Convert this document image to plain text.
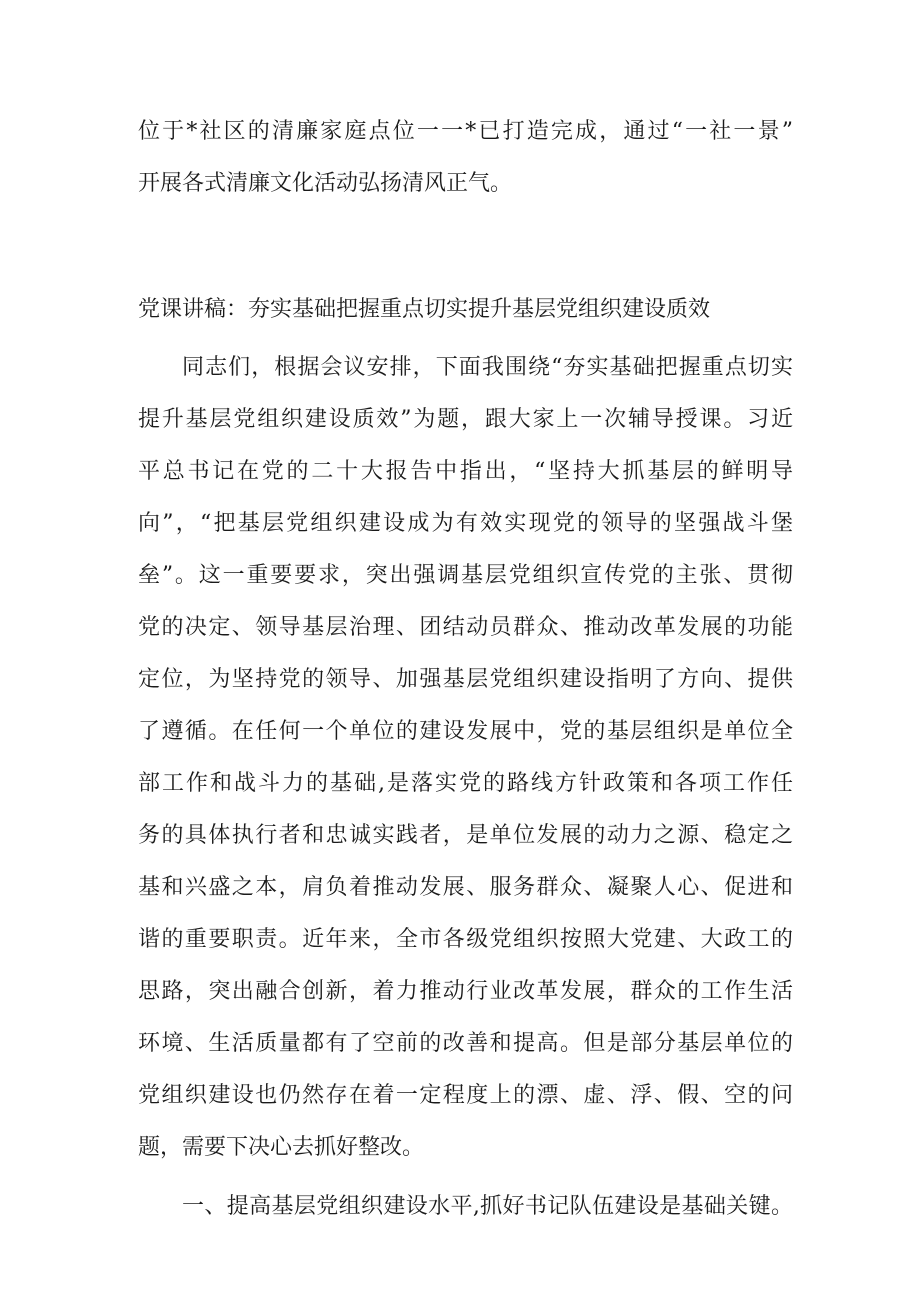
位于*社区的清廉家庭点位一一*已打造完成，通过“一社一景”
开展各式清廉文化活动弘扬清风正气。
党课讲稿：夯实基础把握重点切实提升基层党组织建设质效
同志们，根据会议安排，下面我围绕“夯实基础把握重点切实
提升基层党组织建设质效”为题，跟大家上一次辅导授课。习近
平总书记在党的二十大报告中指出，“坚持大抓基层的鲜明导
向”，“把基层党组织建设成为有效实现党的领导的坚强战斗堡
垒”。这一重要要求，突出强调基层党组织宣传党的主张、贯彻
党的决定、领导基层治理、团结动员群众、推动改革发展的功能
定位，为坚持党的领导、加强基层党组织建设指明了方向、提供
了遵循。在任何一个单位的建设发展中，党的基层组织是单位全
部工作和战斗力的基础,是落实党的路线方针政策和各项工作任
务的具体执行者和忠诚实践者，是单位发展的动力之源、稳定之
基和兴盛之本，肩负着推动发展、服务群众、凝聚人心、促进和
谐的重要职责。近年来，全市各级党组织按照大党建、大政工的
思路，突出融合创新，着力推动行业改革发展，群众的工作生活
环境、生活质量都有了空前的改善和提高。但是部分基层单位的
党组织建设也仍然存在着一定程度上的漂、虚、浮、假、空的问
题，需要下决心去抓好整改。
一、提高基层党组织建设水平,抓好书记队伍建设是基础关键。
